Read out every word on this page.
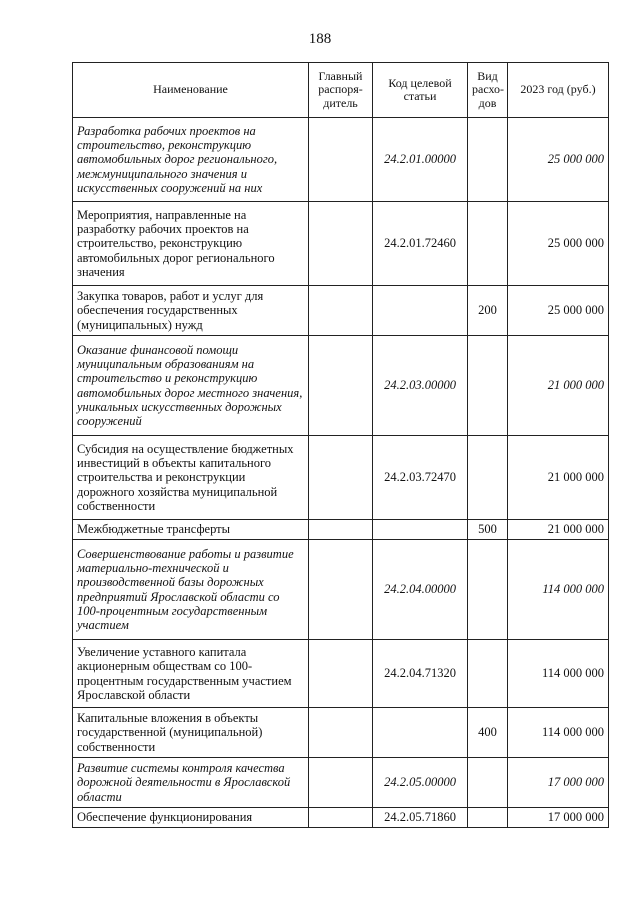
188
Наименование	Главный распоря-дитель	Код целевой статьи	Вид расхо-дов	2023 год (руб.)
Разработка рабочих проектов на строительство, реконструкцию автомобильных дорог регионального, межмуниципального значения и искусственных сооружений на них		24.2.01.00000		25 000 000
Мероприятия, направленные на разработку рабочих проектов на строительство, реконструкцию автомобильных дорог регионального значения		24.2.01.72460		25 000 000
Закупка товаров, работ и услуг для обеспечения государственных (муниципальных) нужд			200	25 000 000
Оказание финансовой помощи муниципальным образованиям на строительство и реконструкцию автомобильных дорог местного значения, уникальных искусственных дорожных сооружений		24.2.03.00000		21 000 000
Субсидия на осуществление бюджетных инвестиций в объекты капитального строительства и реконструкции дорожного хозяйства муниципальной собственности		24.2.03.72470		21 000 000
Межбюджетные трансферты			500	21 000 000
Совершенствование работы и развитие материально-технической и производственной базы дорожных предприятий Ярославской области со 100-процентным государственным участием		24.2.04.00000		114 000 000
Увеличение уставного капитала акционерным обществам со 100-процентным государственным участием Ярославской области		24.2.04.71320		114 000 000
Капитальные вложения в объекты государственной (муниципальной) собственности			400	114 000 000
Развитие системы контроля качества дорожной деятельности в Ярославской области		24.2.05.00000		17 000 000
Обеспечение функционирования		24.2.05.71860		17 000 000
